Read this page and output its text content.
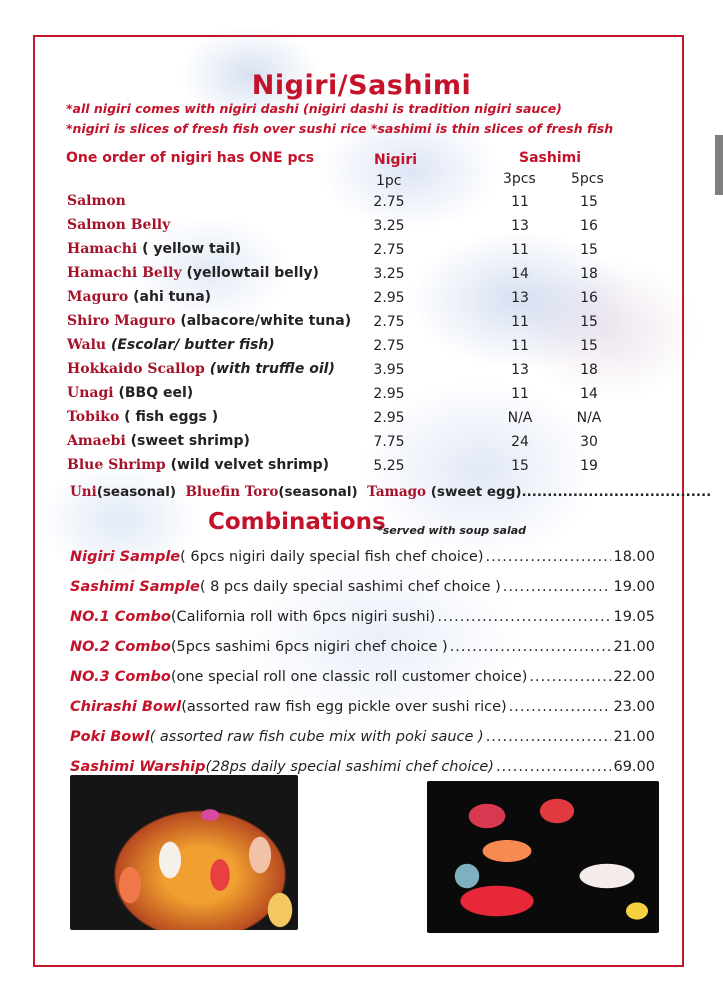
Nigiri/Sashimi
*all nigiri comes with nigiri dashi (nigiri dashi is tradition nigiri sauce)
*nigiri is slices of fresh fish over sushi rice *sashimi is thin slices of fresh fish
One order of nigiri has ONE pcs	Nigiri	Sashimi
1pc	3pcs	5pcs
Salmon	2.75	11	15
Salmon Belly	3.25	13	16
Hamachi ( yellow tail)	2.75	11	15
Hamachi Belly (yellowtail belly)	3.25	14	18
Maguro (ahi tuna)	2.95	13	16
Shiro Maguro (albacore/white tuna)	2.75	11	15
Walu (Escolar/ butter fish)	2.75	11	15
Hokkaido Scallop (with truffle oil)	3.95	13	18
Unagi (BBQ eel)	2.95	11	14
Tobiko ( fish eggs )	2.95	N/A	N/A
Amaebi (sweet shrimp)	7.75	24	30
Blue Shrimp (wild velvet shrimp)	5.25	15	19
Uni(seasonal) Bluefin Toro(seasonal) Tamago (sweet egg).....................................
Combinations
*served with soup salad
Nigiri Sample ( 6pcs nigiri daily special fish chef choice) .....	18.00
Sashimi Sample ( 8 pcs daily special sashimi chef choice ) .....	19.00
NO.1 Combo (California roll with 6pcs nigiri sushi) .....	19.05
NO.2 Combo (5pcs sashimi 6pcs nigiri chef choice ) .....	21.00
NO.3 Combo (one special roll one classic roll customer choice) .....	22.00
Chirashi Bowl (assorted raw fish egg pickle over sushi rice) .....	23.00
Poki Bowl ( assorted raw fish cube mix with poki sauce ) .....	21.00
Sashimi Warship (28ps daily special sashimi chef choice) .....	69.00
